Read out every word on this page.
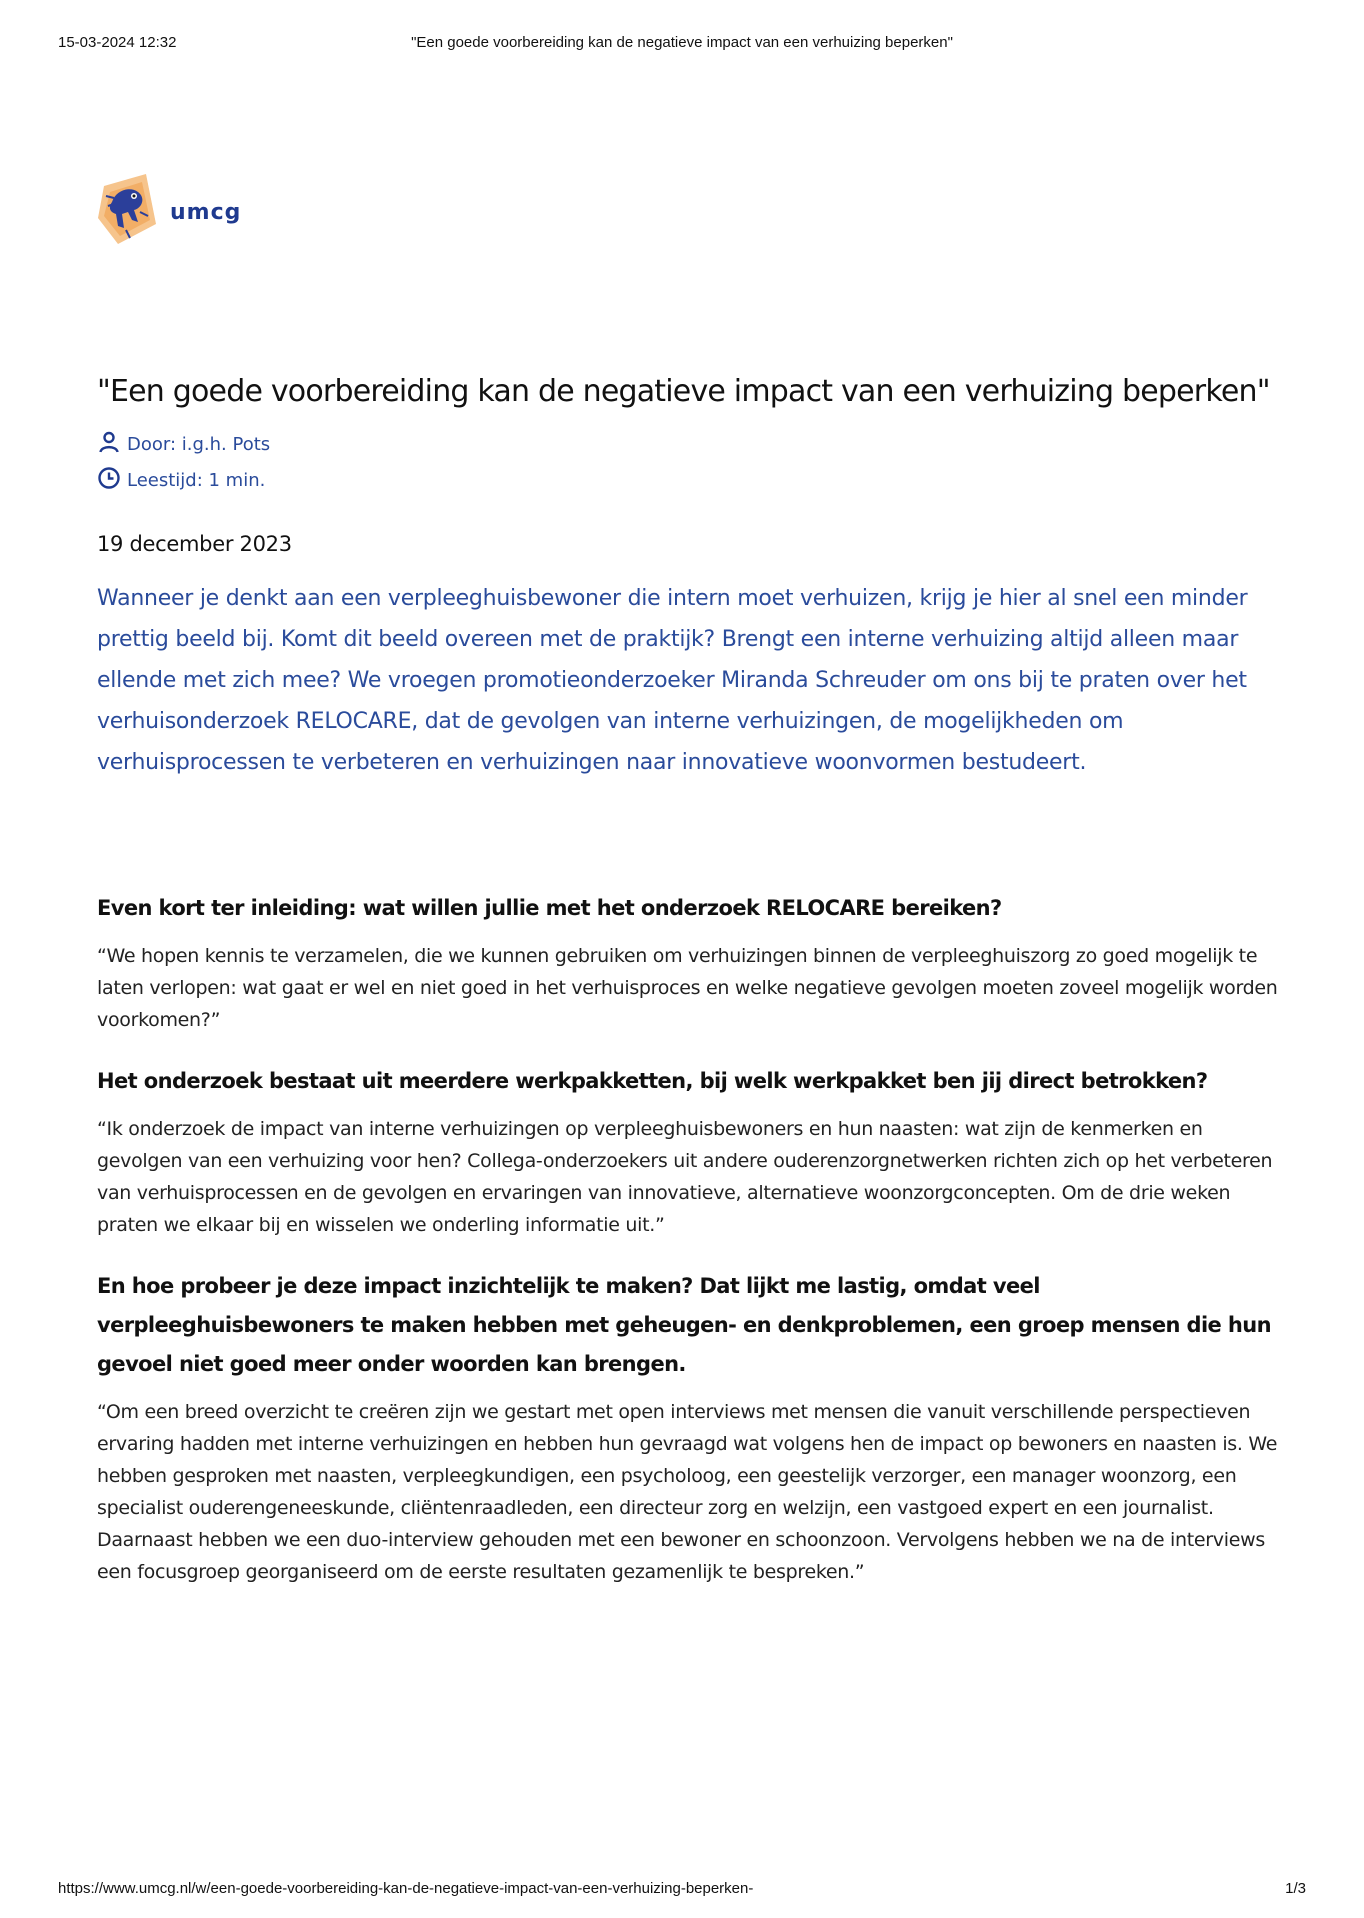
15-03-2024 12:32	"Een goede voorbereiding kan de negatieve impact van een verhuizing beperken"
umcg
"Een goede voorbereiding kan de negatieve impact van een verhuizing beperken"
Door: i.g.h. Pots
Leestijd: 1 min.
19 december 2023

Wanneer je denkt aan een verpleeghuisbewoner die intern moet verhuizen, krijg je hier al snel een minder prettig beeld bij. Komt dit beeld overeen met de praktijk? Brengt een interne verhuizing altijd alleen maar ellende met zich mee? We vroegen promotieonderzoeker Miranda Schreuder om ons bij te praten over het verhuisonderzoek RELOCARE, dat de gevolgen van interne verhuizingen, de mogelijkheden om verhuisprocessen te verbeteren en verhuizingen naar innovatieve woonvormen bestudeert.

Even kort ter inleiding: wat willen jullie met het onderzoek RELOCARE bereiken?

“We hopen kennis te verzamelen, die we kunnen gebruiken om verhuizingen binnen de verpleeghuiszorg zo goed mogelijk te laten verlopen: wat gaat er wel en niet goed in het verhuisproces en welke negatieve gevolgen moeten zoveel mogelijk worden voorkomen?”

Het onderzoek bestaat uit meerdere werkpakketten, bij welk werkpakket ben jij direct betrokken?

“Ik onderzoek de impact van interne verhuizingen op verpleeghuisbewoners en hun naasten: wat zijn de kenmerken en gevolgen van een verhuizing voor hen? Collega-onderzoekers uit andere ouderenzorgnetwerken richten zich op het verbeteren van verhuisprocessen en de gevolgen en ervaringen van innovatieve, alternatieve woonzorgconcepten. Om de drie weken praten we elkaar bij en wisselen we onderling informatie uit.”

En hoe probeer je deze impact inzichtelijk te maken? Dat lijkt me lastig, omdat veel verpleeghuisbewoners te maken hebben met geheugen- en denkproblemen, een groep mensen die hun gevoel niet goed meer onder woorden kan brengen.

“Om een breed overzicht te creëren zijn we gestart met open interviews met mensen die vanuit verschillende perspectieven ervaring hadden met interne verhuizingen en hebben hun gevraagd wat volgens hen de impact op bewoners en naasten is. We hebben gesproken met naasten, verpleegkundigen, een psycholoog, een geestelijk verzorger, een manager woonzorg, een specialist ouderengeneeskunde, cliëntenraadleden, een directeur zorg en welzijn, een vastgoed expert en een journalist. Daarnaast hebben we een duo-interview gehouden met een bewoner en schoonzoon. Vervolgens hebben we na de interviews een focusgroep georganiseerd om de eerste resultaten gezamenlijk te bespreken.”

https://www.umcg.nl/w/een-goede-voorbereiding-kan-de-negatieve-impact-van-een-verhuizing-beperken-	1/3
